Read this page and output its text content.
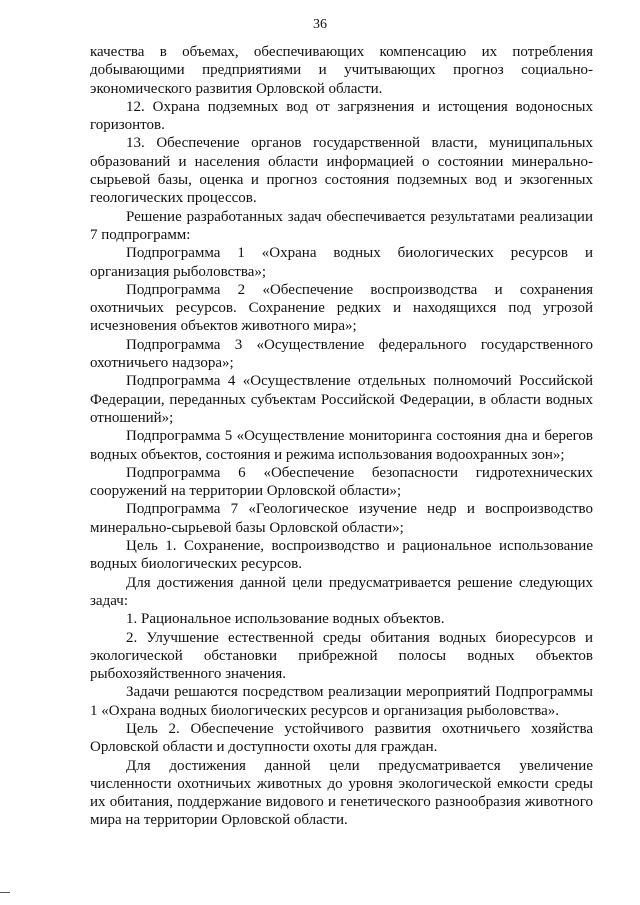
36

качества в объемах, обеспечивающих компенсацию их потребления добывающими предприятиями и учитывающих прогноз социально-экономического развития Орловской области.

12. Охрана подземных вод от загрязнения и истощения водоносных горизонтов.

13. Обеспечение органов государственной власти, муниципальных образований и населения области информацией о состоянии минерально-сырьевой базы, оценка и прогноз состояния подземных вод и экзогенных геологических процессов.

Решение разработанных задач обеспечивается результатами реализации 7 подпрограмм:

Подпрограмма 1 «Охрана водных биологических ресурсов и организация рыболовства»;

Подпрограмма 2 «Обеспечение воспроизводства и сохранения охотничьих ресурсов. Сохранение редких и находящихся под угрозой исчезновения объектов животного мира»;

Подпрограмма 3 «Осуществление федерального государственного охотничьего надзора»;

Подпрограмма 4 «Осуществление отдельных полномочий Российской Федерации, переданных субъектам Российской Федерации, в области водных отношений»;

Подпрограмма 5 «Осуществление мониторинга состояния дна и берегов водных объектов, состояния и режима использования водоохранных зон»;

Подпрограмма 6 «Обеспечение безопасности гидротехнических сооружений на территории Орловской области»;

Подпрограмма 7 «Геологическое изучение недр и воспроизводство минерально-сырьевой базы Орловской области»;

Цель 1. Сохранение, воспроизводство и рациональное использование водных биологических ресурсов.

Для достижения данной цели предусматривается решение следующих задач:

1. Рациональное использование водных объектов.

2. Улучшение естественной среды обитания водных биоресурсов и экологической обстановки прибрежной полосы водных объектов рыбохозяйственного значения.

Задачи решаются посредством реализации мероприятий Подпрограммы 1 «Охрана водных биологических ресурсов и организация рыболовства».

Цель 2. Обеспечение устойчивого развития охотничьего хозяйства Орловской области и доступности охоты для граждан.

Для достижения данной цели предусматривается увеличение численности охотничьих животных до уровня экологической емкости среды их обитания, поддержание видового и генетического разнообразия животного мира на территории Орловской области.
